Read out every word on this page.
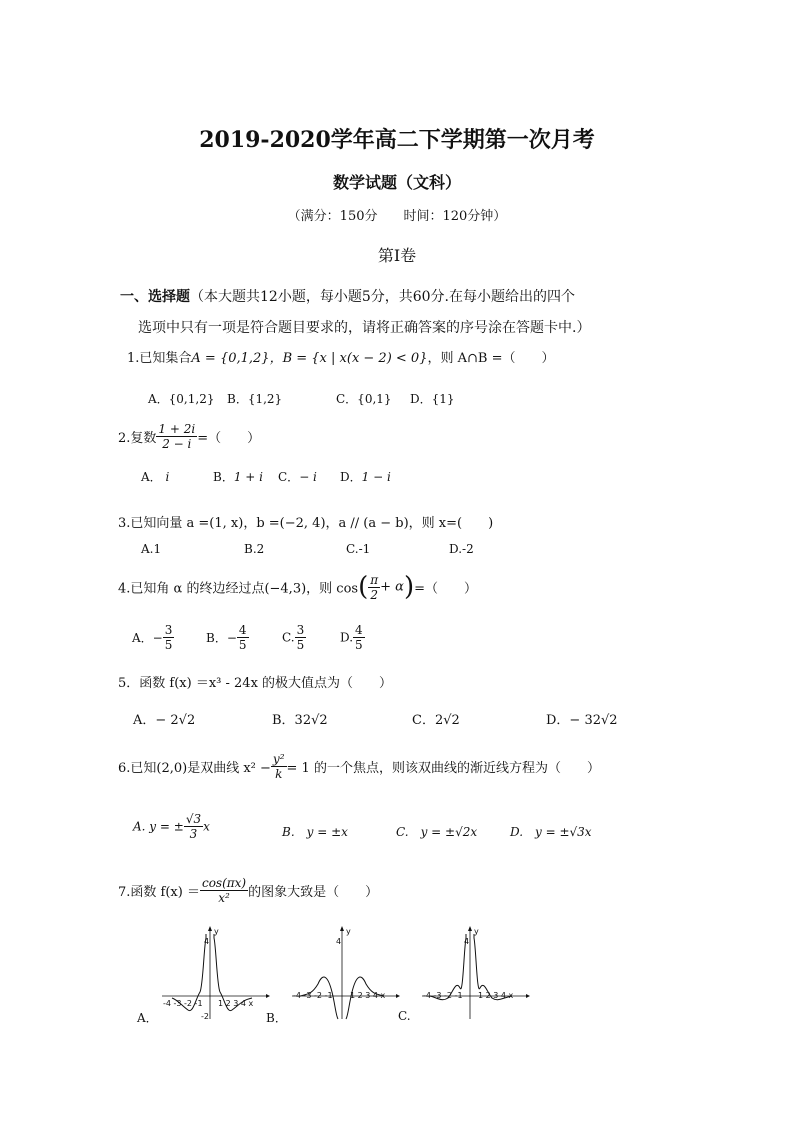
2019-2020学年高二下学期第一次月考
数学试题（文科）
（满分：150分　　时间：120分钟）
第Ⅰ卷
一、选择题（本大题共12小题，每小题5分，共60分.在每小题给出的四个
选项中只有一项是符合题目要求的，请将正确答案的序号涂在答题卡中.）
1.已知集合A = {0,1,2}，B = {x | x(x − 2) < 0}，则 A∩B =（　　）
A．{0,1,2} B．{1,2}	C．{0,1} D．{1}
2.复数 $\frac{1 + 2i}{2 - i}$ =（　　）
A． i	B．1 + i C．− i D．1 − i
3.已知向量 a =(1, x)，b =(−2, 4)，a // (a − b)，则 x=(　　)
A.1	B.2	C.-1	D.-2
4.已知角 α 的终边经过点(−4,3)，则 $\cos( \frac{\pi}{2} + \alpha)=$（　　）
A．− $\frac{3}{5}$	B．− $\frac{4}{5}$	C. $\frac{3}{5}$	D. $\frac{4}{5}$
5．函数 f(x) ＝x³ - 24x 的极大值点为（　　）
A．− 2√2	B．32√2	C．2√2	D．− 32√2
6.已知(2,0)是双曲线 $x^2 - \frac{\text{y²}}{k} = 1$ 的一个焦点，则该双曲线的渐近线方程为（　　）
A. y = ± $\frac{√3}{3}$ x	B.　y = ±x	C.　y = ±√2x	D.　y = ±√3x
7.函数 $f(x) = \frac{\cos(\pi x)}{\text{x²}}$ 的图象大致是（　　）
y
4
-2
-4 -3 -2 -1 1 2 3 4 x
A．
y
4
-4 -3 -2 -1 1 2 3 4 x
B．
y
4
-4 -3 -2 -1 1 2 3 4 x
C.
